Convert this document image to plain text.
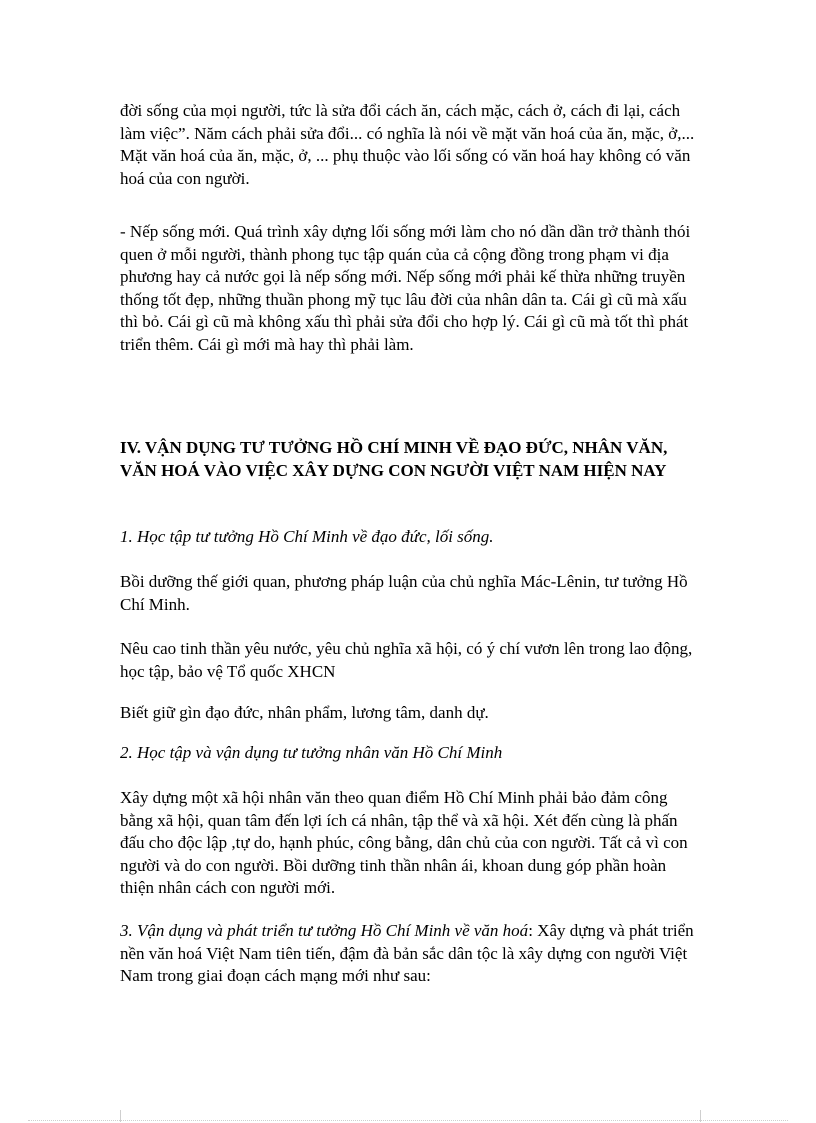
đời sống của mọi người, tức là sửa đổi cách ăn, cách mặc, cách ở, cách đi lại, cách làm việc”. Năm cách phải sửa đổi... có nghĩa là nói về mặt văn hoá của ăn, mặc, ở,... Mặt văn hoá của ăn, mặc, ở, ... phụ thuộc vào lối sống có văn hoá hay không có văn hoá của con người.

- Nếp sống mới. Quá trình xây dựng lối sống mới làm cho nó dần dần trở thành thói quen ở mỗi người, thành phong tục tập quán của cả cộng đồng trong phạm vi địa phương hay cả nước gọi là nếp sống mới. Nếp sống mới phải kế thừa những truyền thống tốt đẹp, những thuần phong mỹ tục lâu đời của nhân dân ta. Cái gì cũ mà xấu thì bỏ. Cái gì cũ mà không xấu thì phải sửa đổi cho hợp lý. Cái gì cũ mà tốt thì phát triển thêm. Cái gì mới mà hay thì phải làm.

IV. VẬN DỤNG TƯ TƯỞNG HỒ CHÍ MINH VỀ ĐẠO ĐỨC, NHÂN VĂN, VĂN HOÁ VÀO VIỆC XÂY DỰNG CON NGƯỜI VIỆT NAM HIỆN NAY

1. Học tập tư tưởng Hồ Chí Minh về đạo đức, lối sống.

Bồi dưỡng thế giới quan, phương pháp luận của chủ nghĩa Mác-Lênin, tư tưởng Hồ Chí Minh.

Nêu cao tinh thần yêu nước, yêu chủ nghĩa xã hội, có ý chí vươn lên trong lao động, học tập, bảo vệ Tổ quốc XHCN

Biết giữ gìn đạo đức, nhân phẩm, lương tâm, danh dự.

2. Học tập và vận dụng tư tưởng nhân văn Hồ Chí Minh

Xây dựng một xã hội nhân văn theo quan điểm Hồ Chí Minh phải bảo đảm công bằng xã hội, quan tâm đến lợi ích cá nhân, tập thể và xã hội. Xét đến cùng là phấn đấu cho độc lập ,tự do, hạnh phúc, công bằng, dân chủ của con người. Tất cả vì con người và do con người. Bồi dưỡng tinh thần nhân ái, khoan dung góp phần hoàn thiện nhân cách con người mới.

3. Vận dụng và phát triển tư tưởng Hồ Chí Minh về văn hoá: Xây dựng và phát triển nền văn hoá Việt Nam tiên tiến, đậm đà bản sắc dân tộc là xây dựng con người Việt Nam trong giai đoạn cách mạng mới như sau:
